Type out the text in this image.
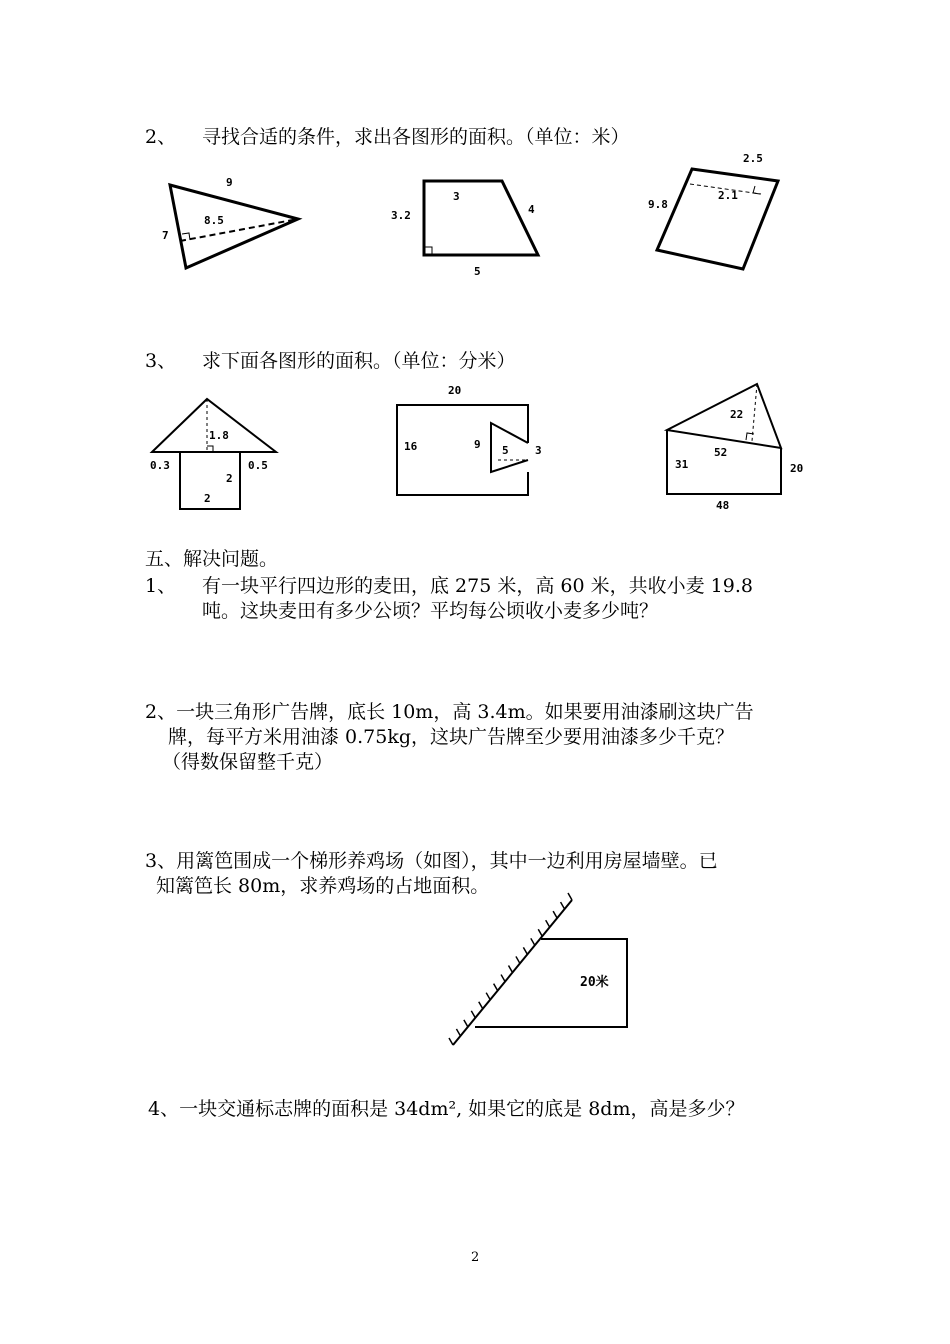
2、 寻找合适的条件，求出各图形的面积。（单位：米）
9
8.5
7
3
3.2	4
5
2.5
2.1
9.8
3、 求下面各图形的面积。（单位：分米）
1.8
0.3	0.5
2
2
20
16	9 5 3
22
52
31	20
48
五、解决问题。
1、 有一块平行四边形的麦田，底 275 米，高 60 米，共收小麦 19.8
吨。这块麦田有多少公顷？平均每公顷收小麦多少吨？
2、一块三角形广告牌，底长 10m，高 3.4m。如果要用油漆刷这块广告
牌，每平方米用油漆 0.75kg，这块广告牌至少要用油漆多少千克？
（得数保留整千克）
3、用篱笆围成一个梯形养鸡场（如图），其中一边利用房屋墙壁。已
知篱笆长 80m，求养鸡场的占地面积。
20米
4、一块交通标志牌的面积是 34dm², 如果它的底是 8dm，高是多少？
2
